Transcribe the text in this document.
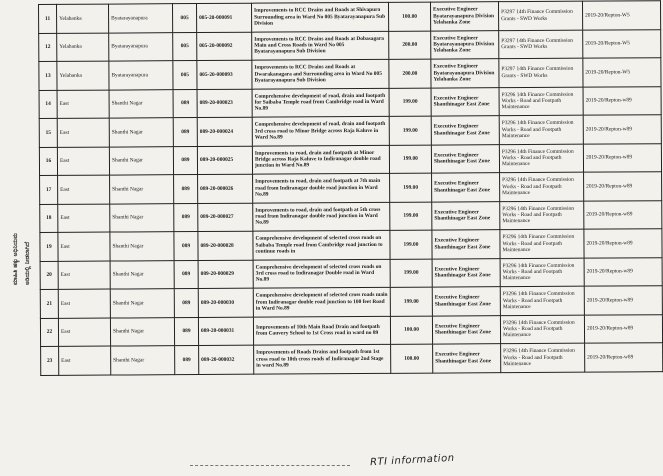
ಮಾಹಿತಿ ಹಕ್ಕು ಅಧಿನಿಯಮ ಅಡಿಯಲ್ಲಿ ನೀಡಲಾಗಿದೆ
11	Yelahanka	Byatarayanapura	005	005-20-000091	Improvements to RCC Drains and Roads at Shivapura Surrounding area in Ward No 005 Byatarayanapura Sub Division	100.00	Executive Engineer Byatarayanapura Division Yelahanka Zone	P3297 14th Finance Commission Grants - SWD Works	2019-20/Repton-W5
12	Yelahanka	Byatarayanapura	005	005-20-000092	Improvements to RCC Drains and Roads at Dobasagara Main and Cross Roads in Ward No 005 Byatarayanapura Sub Division	200.00	Executive Engineer Byatarayanapura Division Yelahanka Zone	P3297 14th Finance Commission Grants - SWD Works	2019-20/Repton-W5
13	Yelahanka	Byatarayanapura	005	005-20-000093	Improvements to RCC Drains and Roads at Dwarakanagara and Surrounding area in Ward No 005 Byatarayanapura Sub Division	200.00	Executive Engineer Byatarayanapura Division Yelahanka Zone	P3297 14th Finance Commission Grants - SWD Works	2019-20/Repton-W5
14	East	Shanthi Nagar	089	089-20-000023	Comprehensive development of road, drain and footpath for Saibaba Temple road from Cambridge road in Ward No.89	199.00	Executive Engineer Shanthinagar East Zone	P3296 14th Finance Commission Works - Road and Footpath Maintenance	2019-20/Repton-w89
15	East	Shanthi Nagar	089	089-20-000024	Comprehensive development of road, drain and footpath 3rd cross road to Minor Bridge across Raja Kaluve in Ward No.89	199.00	Executive Engineer Shanthinagar East Zone	P3296 14th Finance Commission Works - Road and Footpath Maintenance	2019-20/Repton-w89
16	East	Shanthi Nagar	089	089-20-000025	Improvements to road, drain and footpath at Minor Bridge across Raja Kaluve to Indiranagar double road junction in Ward No.89	199.00	Executive Engineer Shanthinagar East Zone	P3296 14th Finance Commission Works - Road and Footpath Maintenance	2019-20/Repton-w89
17	East	Shanthi Nagar	089	089-20-000026	Improvements to road, drain and footpath at 7th main road from Indiranagar double road junction in Ward No.89	199.00	Executive Engineer Shanthinagar East Zone	P3296 14th Finance Commission Works - Road and Footpath Maintenance	2019-20/Repton-w89
18	East	Shanthi Nagar	089	089-20-000027	Improvements to road, drain and footpath at 5th cross road from Indiranagar double road junction in Ward No.89	199.00	Executive Engineer Shanthinagar East Zone	P3296 14th Finance Commission Works - Road and Footpath Maintenance	2019-20/Repton-w89
19	East	Shanthi Nagar	089	089-20-000028	Comprehensive development of selected cross roads on Saibaba Temple road from Cambridge road junction to continue roads in	199.00	Executive Engineer Shanthinagar East Zone	P3296 14th Finance Commission Works - Road and Footpath Maintenance	2019-20/Repton-w89
20	East	Shanthi Nagar	089	089-20-000029	Comprehensive development of selected cross roads on 3rd cross road to Indiranagar Double road in Ward No.89	199.00	Executive Engineer Shanthinagar East Zone	P3296 14th Finance Commission Works - Road and Footpath Maintenance	2019-20/Repton-w89
21	East	Shanthi Nagar	089	089-20-000030	Comprehensive development of selected cross roads main from Indiranagar double road junction to 100 feet Road in Ward No.89	199.00	Executive Engineer Shanthinagar East Zone	P3296 14th Finance Commission Works - Road and Footpath Maintenance	2019-20/Repton-w89
22	East	Shanthi Nagar	089	089-20-000031	Improvements of 10th Main Road Drain and footpath from Cauvery School to 1st Cross road in ward no 89	100.00	Executive Engineer Shanthinagar East Zone	P3296 14th Finance Commission Works - Road and Footpath Maintenance	2019-20/Repton-w89
23	East	Shanthi Nagar	089	089-20-000032	Improvements of Roads Drains and footpath from 1st cross road to 10th cross roads of Indiranagar 2nd Stage in ward No.89	100.00	Executive Engineer Shanthinagar East Zone	P3296 14th Finance Commission Works - Road and Footpath Maintenance	2019-20/Repton-w89
RTI information
